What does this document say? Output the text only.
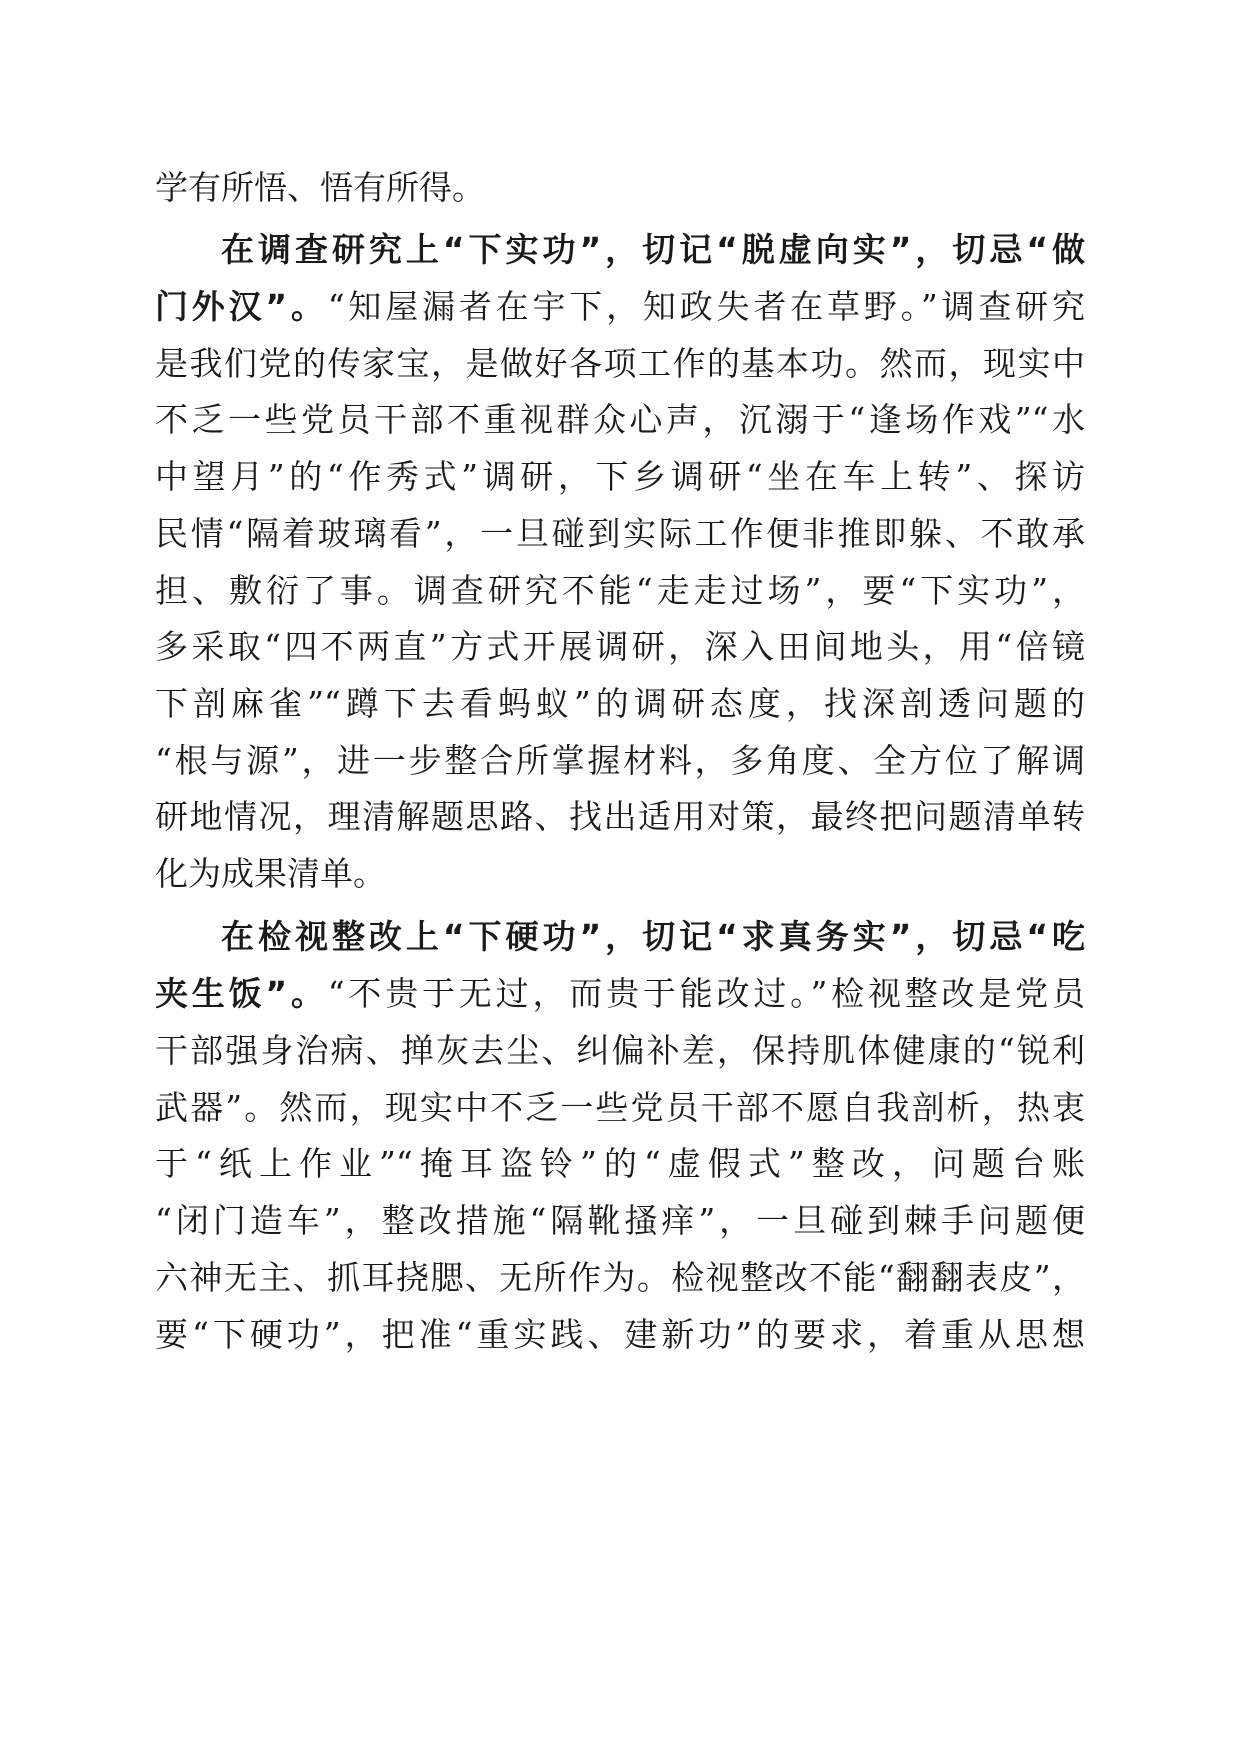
学有所悟、悟有所得。
在调查研究上“下实功”，切记“脱虚向实”，切忌“做
门外汉”。“知屋漏者在宇下，知政失者在草野。”调查研究
是我们党的传家宝，是做好各项工作的基本功。然而，现实中
不乏一些党员干部不重视群众心声，沉溺于“逢场作戏”“水
中望月”的“作秀式”调研，下乡调研“坐在车上转”、探访
民情“隔着玻璃看”，一旦碰到实际工作便非推即躲、不敢承
担、敷衍了事。调查研究不能“走走过场”，要“下实功”，
多采取“四不两直”方式开展调研，深入田间地头，用“倍镜
下剖麻雀”“蹲下去看蚂蚁”的调研态度，找深剖透问题的
“根与源”，进一步整合所掌握材料，多角度、全方位了解调
研地情况，理清解题思路、找出适用对策，最终把问题清单转
化为成果清单。
在检视整改上“下硬功”，切记“求真务实”，切忌“吃
夹生饭”。“不贵于无过，而贵于能改过。”检视整改是党员
干部强身治病、掸灰去尘、纠偏补差，保持肌体健康的“锐利
武器”。然而，现实中不乏一些党员干部不愿自我剖析，热衷
于“纸上作业”“掩耳盗铃”的“虚假式”整改，问题台账
“闭门造车”，整改措施“隔靴搔痒”，一旦碰到棘手问题便
六神无主、抓耳挠腮、无所作为。检视整改不能“翻翻表皮”，
要“下硬功”，把准“重实践、建新功”的要求，着重从思想
